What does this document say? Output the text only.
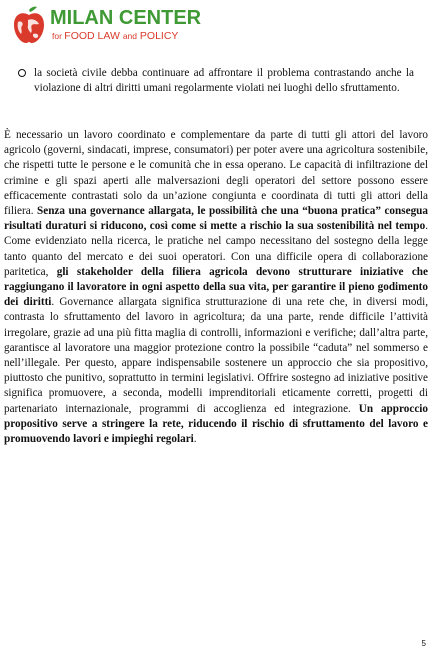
MILAN CENTER
for FOOD LAW and POLICY
la società civile debba continuare ad affrontare il problema contrastando anche la violazione di altri diritti umani regolarmente violati nei luoghi dello sfruttamento.
È necessario un lavoro coordinato e complementare da parte di tutti gli attori del lavoro agricolo (governi, sindacati, imprese, consumatori) per poter avere una agricoltura sostenibile, che rispetti tutte le persone e le comunità che in essa operano. Le capacità di infiltrazione del crimine e gli spazi aperti alle malversazioni degli operatori del settore possono essere efficacemente contrastati solo da un’azione congiunta e coordinata di tutti gli attori della filiera. Senza una governance allargata, le possibilità che una “buona pratica” consegua risultati duraturi si riducono, così come si mette a rischio la sua sostenibilità nel tempo. Come evidenziato nella ricerca, le pratiche nel campo necessitano del sostegno della legge tanto quanto del mercato e dei suoi operatori. Con una difficile opera di collaborazione paritetica, gli stakeholder della filiera agricola devono strutturare iniziative che raggiungano il lavoratore in ogni aspetto della sua vita, per garantire il pieno godimento dei diritti. Governance allargata significa strutturazione di una rete che, in diversi modi, contrasta lo sfruttamento del lavoro in agricoltura; da una parte, rende difficile l’attività irregolare, grazie ad una più fitta maglia di controlli, informazioni e verifiche; dall’altra parte, garantisce al lavoratore una maggior protezione contro la possibile “caduta” nel sommerso e nell’illegale. Per questo, appare indispensabile sostenere un approccio che sia propositivo, piuttosto che punitivo, soprattutto in termini legislativi. Offrire sostegno ad iniziative positive significa promuovere, a seconda, modelli imprenditoriali eticamente corretti, progetti di partenariato internazionale, programmi di accoglienza ed integrazione. Un approccio propositivo serve a stringere la rete, riducendo il rischio di sfruttamento del lavoro e promuovendo lavori e impieghi regolari.
5
